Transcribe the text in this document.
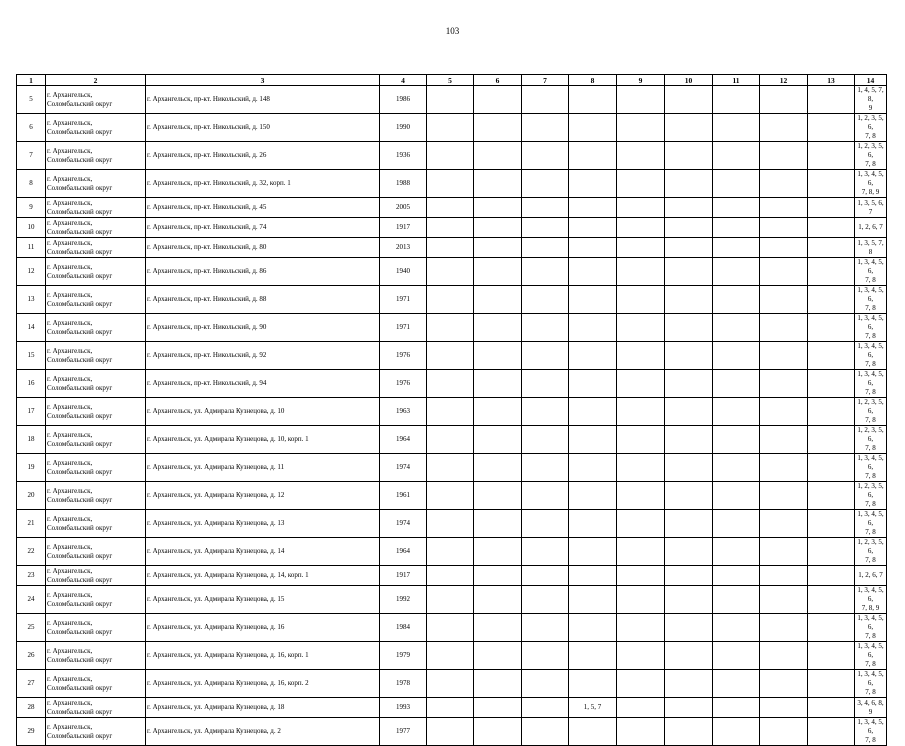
103
1	2	3	4	5	6	7	8	9	10	11	12	13	14
5	г. Архангельск,
Соломбальский округ	г. Архангельск, пр-кт. Никольский, д. 148	1986										1, 4, 5, 7, 8,
9
6	г. Архангельск,
Соломбальский округ	г. Архангельск, пр-кт. Никольский, д. 150	1990										1, 2, 3, 5, 6,
7, 8
7	г. Архангельск,
Соломбальский округ	г. Архангельск, пр-кт. Никольский, д. 26	1936										1, 2, 3, 5, 6,
7, 8
8	г. Архангельск,
Соломбальский округ	г. Архангельск, пр-кт. Никольский, д. 32, корп. 1	1988										1, 3, 4, 5, 6,
7, 8, 9
9	г. Архангельск,
Соломбальский округ	г. Архангельск, пр-кт. Никольский, д. 45	2005										1, 3, 5, 6, 7
10	г. Архангельск,
Соломбальский округ	г. Архангельск, пр-кт. Никольский, д. 74	1917										1, 2, 6, 7
11	г. Архангельск,
Соломбальский округ	г. Архангельск, пр-кт. Никольский, д. 80	2013										1, 3, 5, 7, 8
12	г. Архангельск,
Соломбальский округ	г. Архангельск, пр-кт. Никольский, д. 86	1940										1, 3, 4, 5, 6,
7, 8
13	г. Архангельск,
Соломбальский округ	г. Архангельск, пр-кт. Никольский, д. 88	1971										1, 3, 4, 5, 6,
7, 8
14	г. Архангельск,
Соломбальский округ	г. Архангельск, пр-кт. Никольский, д. 90	1971										1, 3, 4, 5, 6,
7, 8
15	г. Архангельск,
Соломбальский округ	г. Архангельск, пр-кт. Никольский, д. 92	1976										1, 3, 4, 5, 6,
7, 8
16	г. Архангельск,
Соломбальский округ	г. Архангельск, пр-кт. Никольский, д. 94	1976										1, 3, 4, 5, 6,
7, 8
17	г. Архангельск,
Соломбальский округ	г. Архангельск, ул. Адмирала Кузнецова, д. 10	1963										1, 2, 3, 5, 6,
7, 8
18	г. Архангельск,
Соломбальский округ	г. Архангельск, ул. Адмирала Кузнецова, д. 10, корп. 1	1964										1, 2, 3, 5, 6,
7, 8
19	г. Архангельск,
Соломбальский округ	г. Архангельск, ул. Адмирала Кузнецова, д. 11	1974										1, 3, 4, 5, 6,
7, 8
20	г. Архангельск,
Соломбальский округ	г. Архангельск, ул. Адмирала Кузнецова, д. 12	1961										1, 2, 3, 5, 6,
7, 8
21	г. Архангельск,
Соломбальский округ	г. Архангельск, ул. Адмирала Кузнецова, д. 13	1974										1, 3, 4, 5, 6,
7, 8
22	г. Архангельск,
Соломбальский округ	г. Архангельск, ул. Адмирала Кузнецова, д. 14	1964										1, 2, 3, 5, 6,
7, 8
23	г. Архангельск,
Соломбальский округ	г. Архангельск, ул. Адмирала Кузнецова, д. 14, корп. 1	1917										1, 2, 6, 7
24	г. Архангельск,
Соломбальский округ	г. Архангельск, ул. Адмирала Кузнецова, д. 15	1992										1, 3, 4, 5, 6,
7, 8, 9
25	г. Архангельск,
Соломбальский округ	г. Архангельск, ул. Адмирала Кузнецова, д. 16	1984										1, 3, 4, 5, 6,
7, 8
26	г. Архангельск,
Соломбальский округ	г. Архангельск, ул. Адмирала Кузнецова, д. 16, корп. 1	1979										1, 3, 4, 5, 6,
7, 8
27	г. Архангельск,
Соломбальский округ	г. Архангельск, ул. Адмирала Кузнецова, д. 16, корп. 2	1978										1, 3, 4, 5, 6,
7, 8
28	г. Архангельск,
Соломбальский округ	г. Архангельск, ул. Адмирала Кузнецова, д. 18	1993				1, 5, 7						3, 4, 6, 8, 9
29	г. Архангельск,
Соломбальский округ	г. Архангельск, ул. Адмирала Кузнецова, д. 2	1977										1, 3, 4, 5, 6,
7, 8
